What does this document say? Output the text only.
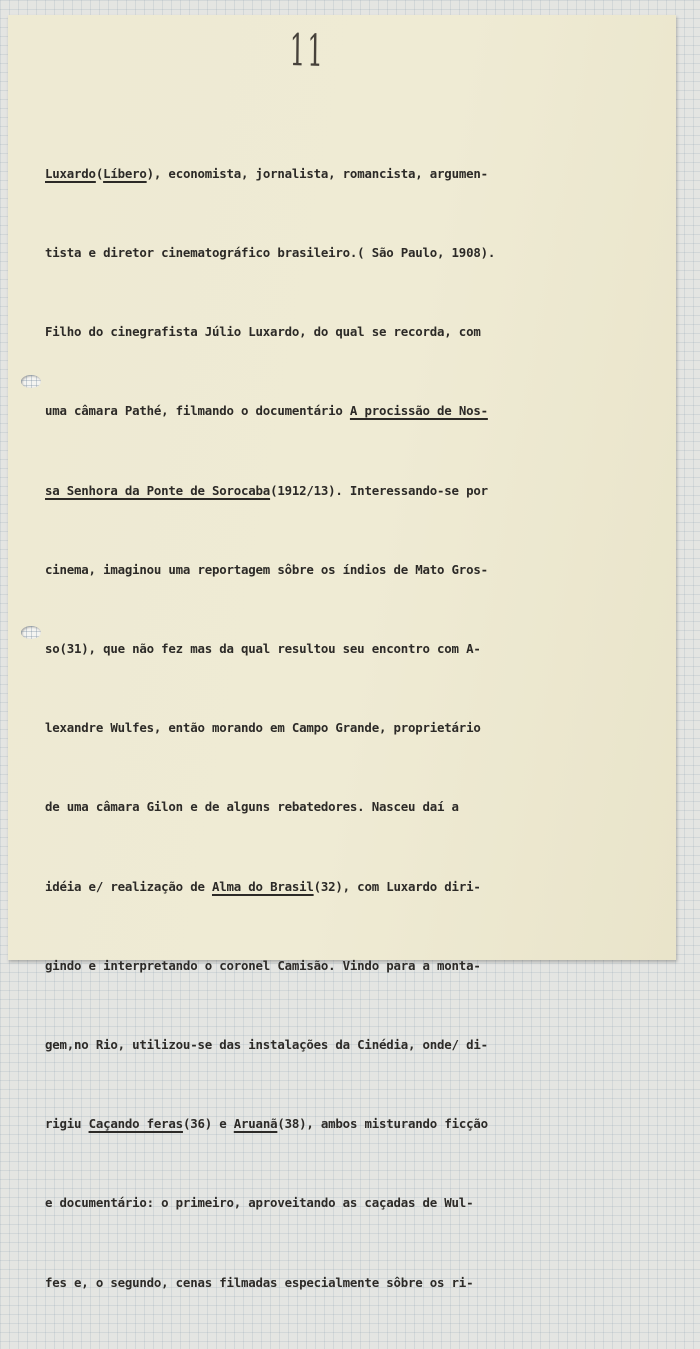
11

Luxardo(Líbero), economista, jornalista, romancista, argumen-

tista e diretor cinematográfico brasileiro.( São Paulo, 1908).

Filho do cinegrafista Júlio Luxardo, do qual se recorda, com

uma câmara Pathé, filmando o documentário A procissão de Nos-

sa Senhora da Ponte de Sorocaba(1912/13). Interessando-se por

cinema, imaginou uma reportagem sôbre os índios de Mato Gros-

so(31), que não fez mas da qual resultou seu encontro com A-

lexandre Wulfes, então morando em Campo Grande, proprietário

de uma câmara Gilon e de alguns rebatedores. Nasceu daí a

idéia e/ realização de Alma do Brasil(32), com Luxardo diri-

gindo e interpretando o coronel Camisão. Vindo para a monta-

gem,no Rio, utilizou-se das instalações da Cinédia, onde/ di-

rigiu Caçando feras(36) e Aruanã(38), ambos misturando ficção

e documentário: o primeiro, aproveitando as caçadas de Wul-

fes e, o segundo, cenas filmadas especialmente sôbre os ri-
